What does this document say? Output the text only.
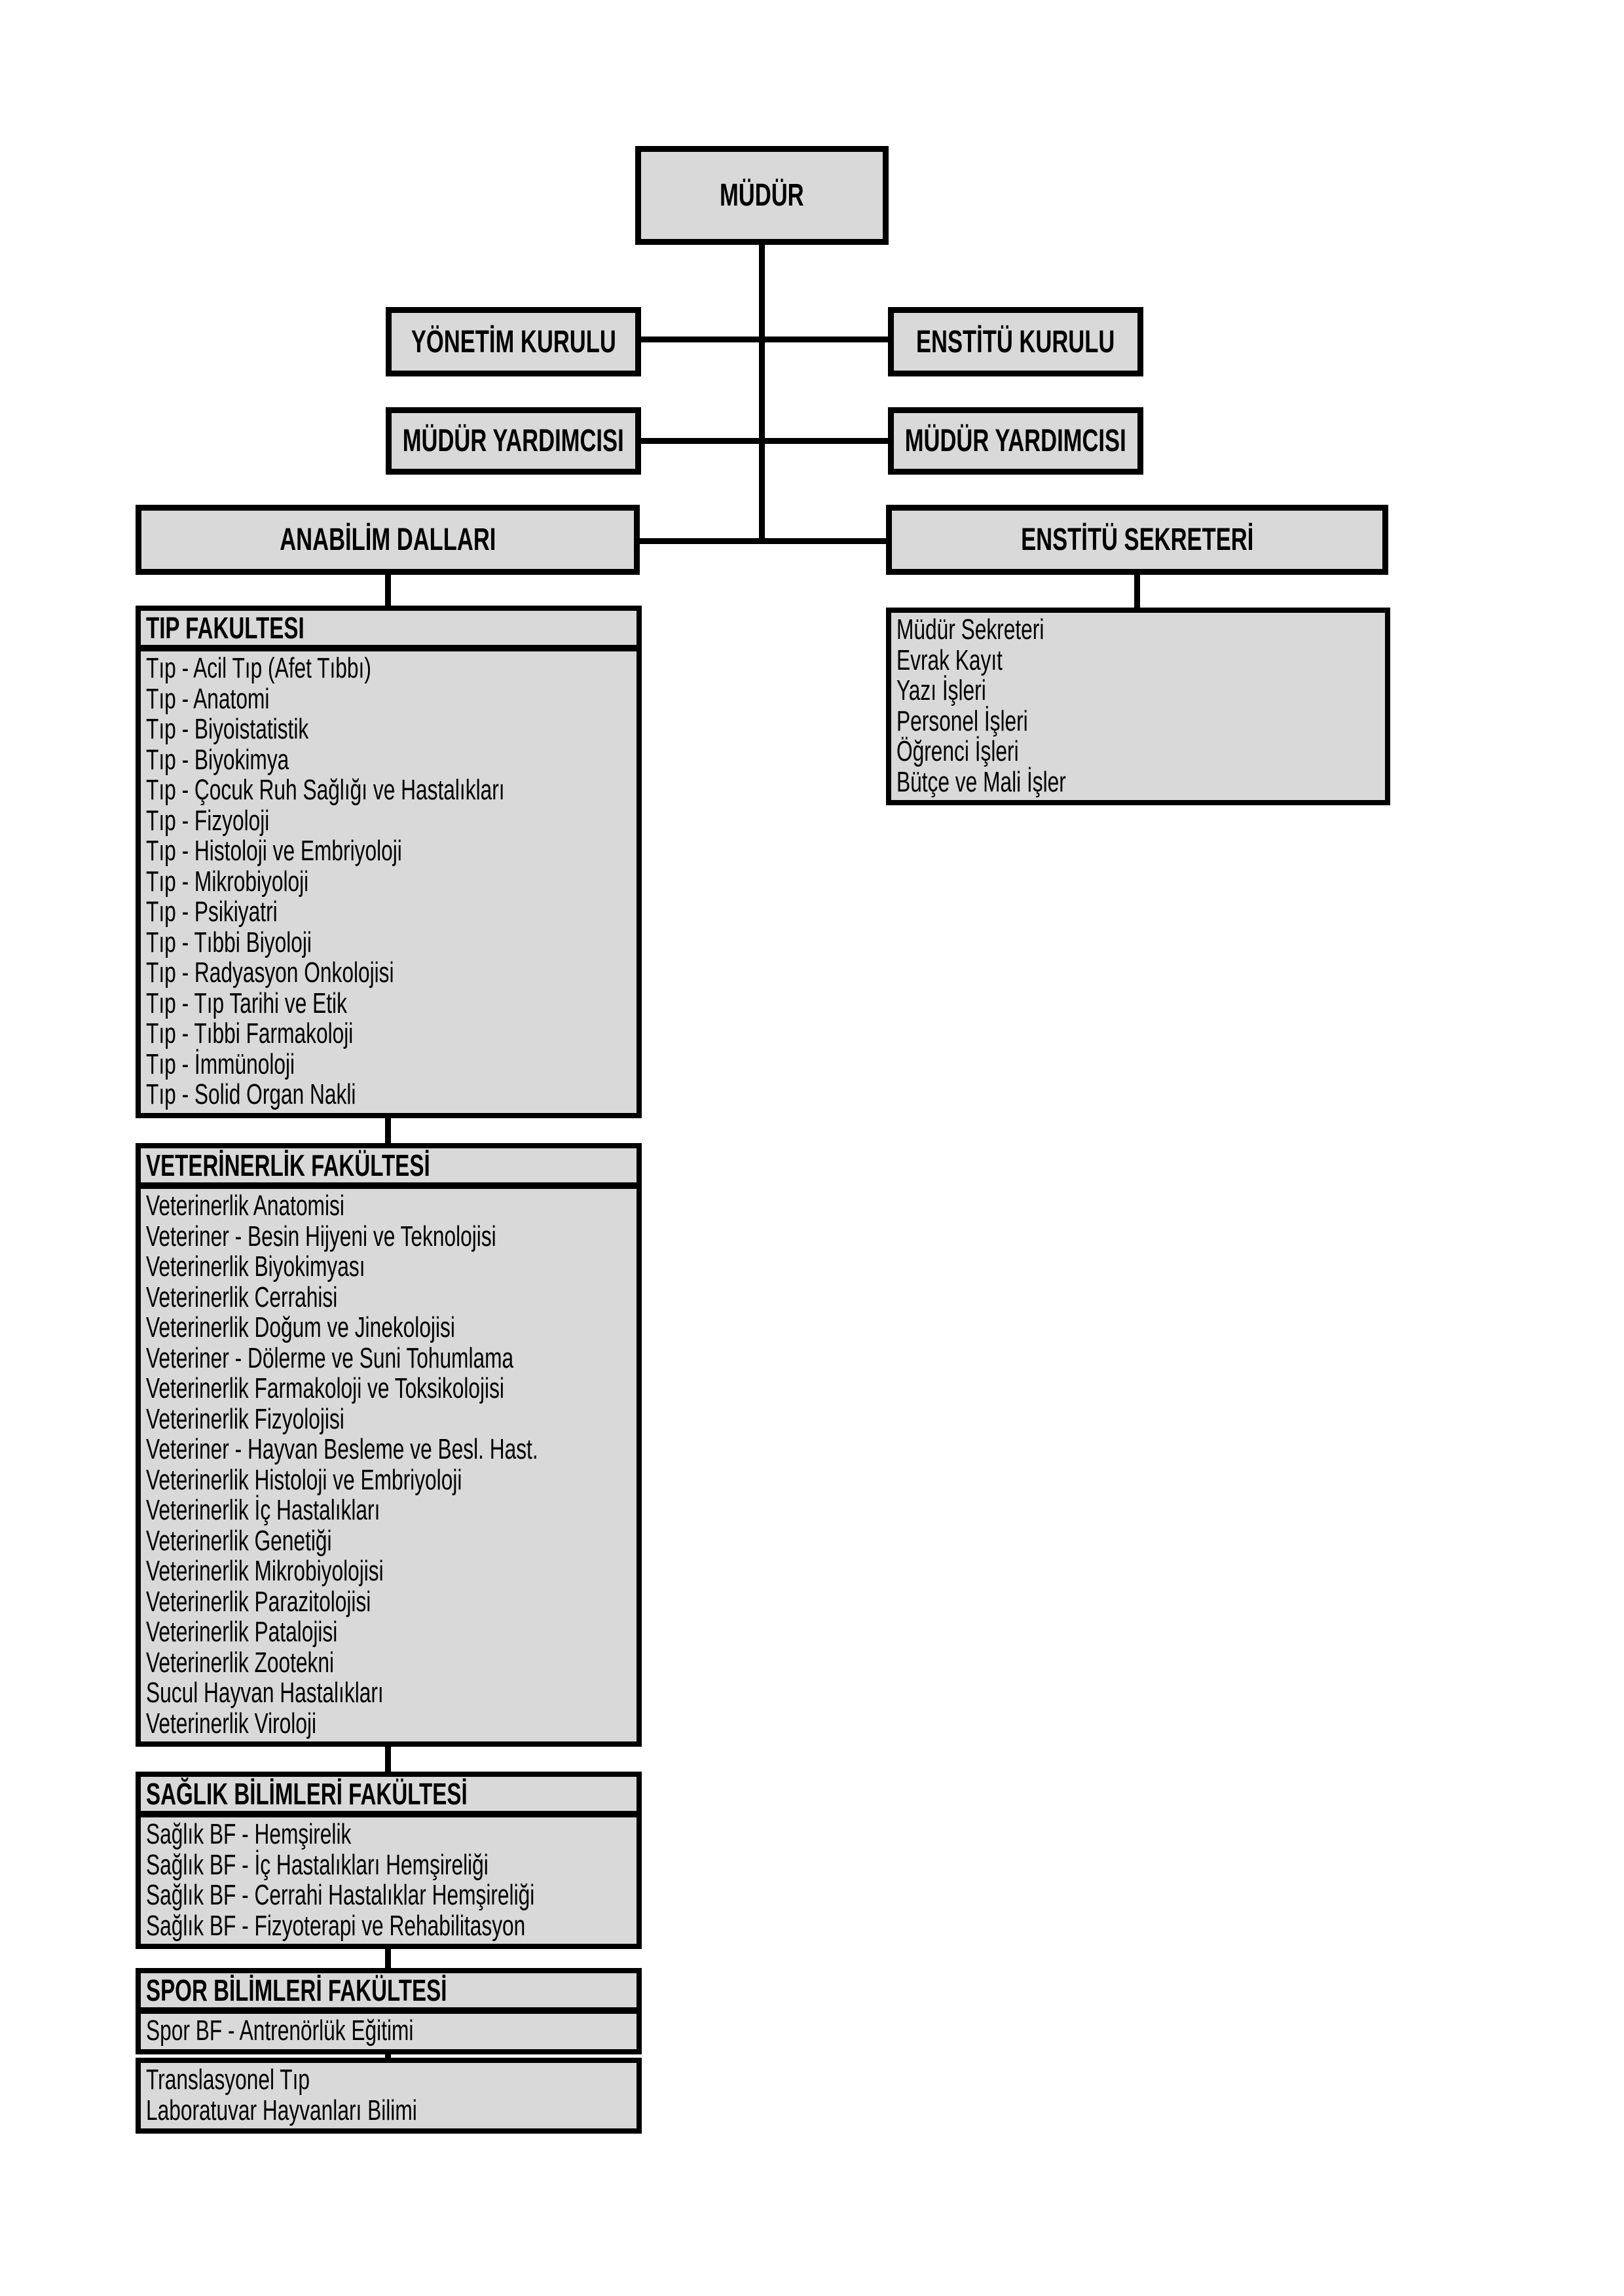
MÜDÜR
YÖNETİM KURULU	ENSTİTÜ KURULU
MÜDÜR YARDIMCISI	MÜDÜR YARDIMCISI
ANABİLİM DALLARI	ENSTİTÜ SEKRETERİ
TIP FAKULTESI
Tıp - Acil Tıp (Afet Tıbbı)
Tıp - Anatomi
Tıp - Biyoistatistik
Tıp - Biyokimya
Tıp - Çocuk Ruh Sağlığı ve Hastalıkları
Tıp - Fizyoloji
Tıp - Histoloji ve Embriyoloji
Tıp - Mikrobiyoloji
Tıp - Psikiyatri
Tıp - Tıbbi Biyoloji
Tıp - Radyasyon Onkolojisi
Tıp - Tıp Tarihi ve Etik
Tıp - Tıbbi Farmakoloji
Tıp - İmmünoloji
Tıp - Solid Organ Nakli
VETERİNERLİK FAKÜLTESİ
Veterinerlik Anatomisi
Veteriner - Besin Hijyeni ve Teknolojisi
Veterinerlik Biyokimyası
Veterinerlik Cerrahisi
Veterinerlik Doğum ve Jinekolojisi
Veteriner - Dölerme ve Suni Tohumlama
Veterinerlik Farmakoloji ve Toksikolojisi
Veterinerlik Fizyolojisi
Veteriner - Hayvan Besleme ve Besl. Hast.
Veterinerlik Histoloji ve Embriyoloji
Veterinerlik İç Hastalıkları
Veterinerlik Genetiği
Veterinerlik Mikrobiyolojisi
Veterinerlik Parazitolojisi
Veterinerlik Patalojisi
Veterinerlik Zootekni
Sucul Hayvan Hastalıkları
Veterinerlik Viroloji
SAĞLIK BİLİMLERİ FAKÜLTESİ
Sağlık BF - Hemşirelik
Sağlık BF - İç Hastalıkları Hemşireliği
Sağlık BF - Cerrahi Hastalıklar Hemşireliği
Sağlık BF - Fizyoterapi ve Rehabilitasyon
SPOR BİLİMLERİ FAKÜLTESİ
Spor BF - Antrenörlük Eğitimi
Translasyonel Tıp
Laboratuvar Hayvanları Bilimi
Müdür Sekreteri
Evrak Kayıt
Yazı İşleri
Personel İşleri
Öğrenci İşleri
Bütçe ve Mali İşler
